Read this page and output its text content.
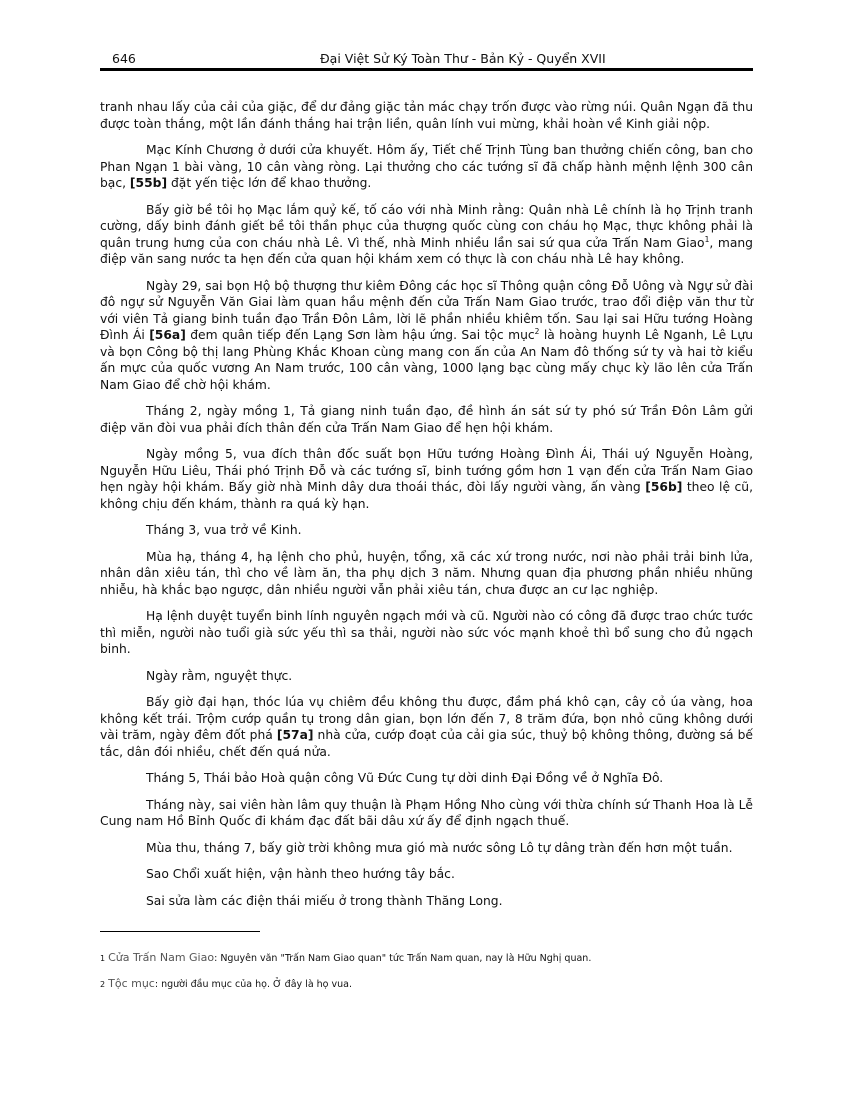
646	Đại Việt Sử Ký Toàn Thư - Bản Kỷ - Quyển XVII

tranh nhau lấy của cải của giặc, để dư đảng giặc tản mác chạy trốn được vào rừng núi. Quân Ngạn đã thu được toàn thắng, một lần đánh thắng hai trận liền, quân lính vui mừng, khải hoàn về Kinh giải nộp.

Mạc Kính Chương ở dưới cửa khuyết. Hôm ấy, Tiết chế Trịnh Tùng ban thưởng chiến công, ban cho Phan Ngạn 1 bài vàng, 10 cân vàng ròng. Lại thưởng cho các tướng sĩ đã chấp hành mệnh lệnh 300 cân bạc, [55b] đặt yến tiệc lớn để khao thưởng.

Bấy giờ bề tôi họ Mạc lắm quỷ kế, tố cáo với nhà Minh rằng: Quân nhà Lê chính là họ Trịnh tranh cường, dấy binh đánh giết bề tôi thần phục của thượng quốc cùng con cháu họ Mạc, thực không phải là quân trung hưng của con cháu nhà Lê. Vì thế, nhà Minh nhiều lần sai sứ qua cửa Trấn Nam Giao$^1$, mang điệp văn sang nước ta hẹn đến cửa quan hội khám xem có thực là con cháu nhà Lê hay không.

Ngày 29, sai bọn Hộ bộ thượng thư kiêm Đông các học sĩ Thông quận công Đỗ Uông và Ngự sử đài đô ngự sử Nguyễn Văn Giai làm quan hầu mệnh đến cửa Trấn Nam Giao trước, trao đổi điệp văn thư từ với viên Tả giang binh tuần đạo Trần Đôn Lâm, lời lẽ phần nhiều khiêm tốn. Sau lại sai Hữu tướng Hoàng Đình Ái [56a] đem quân tiếp đến Lạng Sơn làm hậu ứng. Sai tộc mục$^2$ là hoàng huynh Lê Nganh, Lê Lựu và bọn Công bộ thị lang Phùng Khắc Khoan cùng mang con ấn của An Nam đô thống sứ ty và hai tờ kiểu ấn mực của quốc vương An Nam trước, 100 cân vàng, 1000 lạng bạc cùng mấy chục kỳ lão lên cửa Trấn Nam Giao để chờ hội khám.

Tháng 2, ngày mồng 1, Tả giang ninh tuần đạo, đề hình án sát sứ ty phó sứ Trần Đôn Lâm gửi điệp văn đòi vua phải đích thân đến cửa Trấn Nam Giao để hẹn hội khám.

Ngày mồng 5, vua đích thân đốc suất bọn Hữu tướng Hoàng Đình Ái, Thái uý Nguyễn Hoàng, Nguyễn Hữu Liêu, Thái phó Trịnh Đỗ và các tướng sĩ, binh tướng gồm hơn 1 vạn đến cửa Trấn Nam Giao hẹn ngày hội khám. Bấy giờ nhà Minh dây dưa thoái thác, đòi lấy người vàng, ấn vàng [56b] theo lệ cũ, không chịu đến khám, thành ra quá kỳ hạn.

Tháng 3, vua trở về Kinh.

Mùa hạ, tháng 4, hạ lệnh cho phủ, huyện, tổng, xã các xứ trong nước, nơi nào phải trải binh lửa, nhân dân xiêu tán, thì cho về làm ăn, tha phụ dịch 3 năm. Nhưng quan địa phương phần nhiều nhũng nhiễu, hà khắc bạo ngược, dân nhiều người vẫn phải xiêu tán, chưa được an cư lạc nghiệp.

Hạ lệnh duyệt tuyển binh lính nguyên ngạch mới và cũ. Người nào có công đã được trao chức tước thì miễn, người nào tuổi già sức yếu thì sa thải, người nào sức vóc mạnh khoẻ thì bổ sung cho đủ ngạch binh.

Ngày rằm, nguyệt thực.

Bấy giờ đại hạn, thóc lúa vụ chiêm đều không thu được, đầm phá khô cạn, cây cỏ úa vàng, hoa không kết trái. Trộm cướp quần tụ trong dân gian, bọn lớn đến 7, 8 trăm đứa, bọn nhỏ cũng không dưới vài trăm, ngày đêm đốt phá [57a] nhà cửa, cướp đoạt của cải gia súc, thuỷ bộ không thông, đường sá bế tắc, dân đói nhiều, chết đến quá nửa.

Tháng 5, Thái bảo Hoà quận công Vũ Đức Cung tự dời dinh Đại Đồng về ở Nghĩa Đô.

Tháng này, sai viên hàn lâm quy thuận là Phạm Hồng Nho cùng với thừa chính sứ Thanh Hoa là Lễ Cung nam Hồ Bỉnh Quốc đi khám đạc đất bãi dâu xứ ấy để định ngạch thuế.

Mùa thu, tháng 7, bấy giờ trời không mưa gió mà nước sông Lô tự dâng tràn đến hơn một tuần.

Sao Chổi xuất hiện, vận hành theo hướng tây bắc.

Sai sửa làm các điện thái miếu ở trong thành Thăng Long.

1 Cửa Trấn Nam Giao: Nguyên văn "Trấn Nam Giao quan" tức Trấn Nam quan, nay là Hữu Nghị quan.
2 Tộc mục: người đầu mục của họ. Ở đây là họ vua.
